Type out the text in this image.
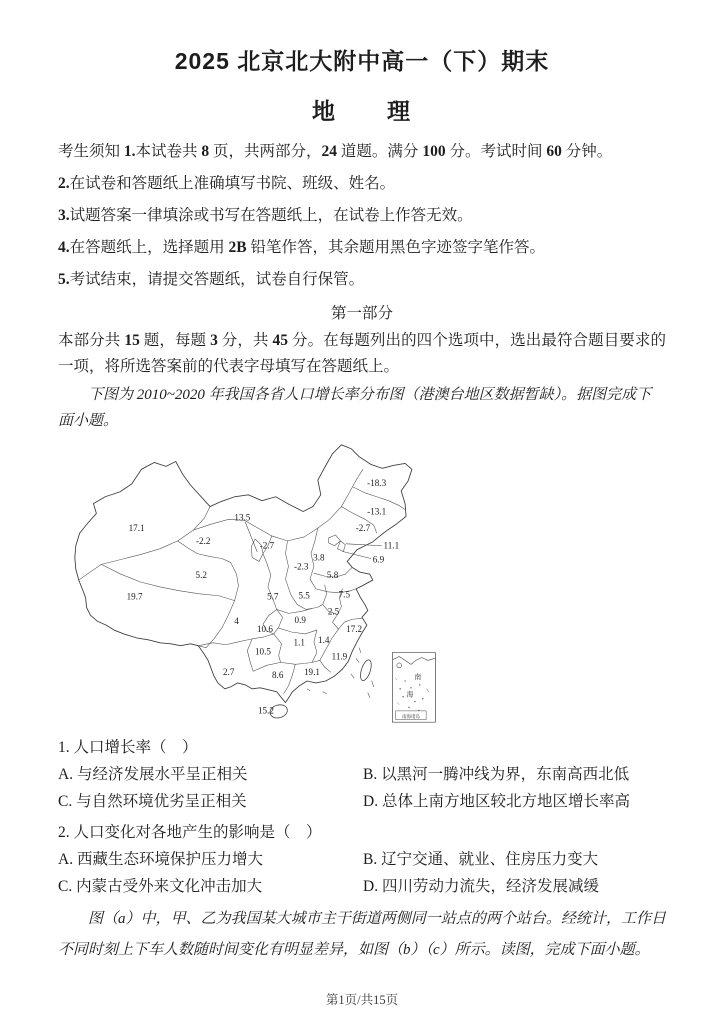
2025 北京北大附中高一（下）期末
地　　理

考生须知 1.本试卷共 8 页，共两部分，24 道题。满分 100 分。考试时间 60 分钟。

2.在试卷和答题纸上准确填写书院、班级、姓名。

3.试题答案一律填涂或书写在答题纸上，在试卷上作答无效。

4.在答题纸上，选择题用 2B 铅笔作答，其余题用黑色字迹签字笔作答。

5.考试结束，请提交答题纸，试卷自行保管。

第一部分

本部分共 15 题，每题 3 分，共 45 分。在每题列出的四个选项中，选出最符合题目要求的一项，将所选答案前的代表字母填写在答题纸上。

下图为 2010~2020 年我国各省人口增长率分布图（港澳台地区数据暂缺）。据图完成下面小题。

17.1
-2.2
13.5
-2.7
-18.3
-13.1
-2.7
11.1
6.9
3.8
-2.3
5.8
5.2
19.7	5.7 5.5	7.5
2.5
4	0.9
10.6
1.1 1.4
17.2
10.5	11.9
2.7	8.6 19.1
15.2
南
海
南海诸岛

1. 人口增长率（　）

A. 与经济发展水平呈正相关	B. 以黑河一腾冲线为界，东南高西北低
C. 与自然环境优劣呈正相关	D. 总体上南方地区较北方地区增长率高

2. 人口变化对各地产生的影响是（　）

A. 西藏生态环境保护压力增大	B. 辽宁交通、就业、住房压力变大
C. 内蒙古受外来文化冲击加大	D. 四川劳动力流失，经济发展减缓

图（a）中，甲、乙为我国某大城市主干街道两侧同一站点的两个站台。经统计，工作日不同时刻上下车人数随时间变化有明显差异，如图（b）（c）所示。读图，完成下面小题。

第1页/共15页
